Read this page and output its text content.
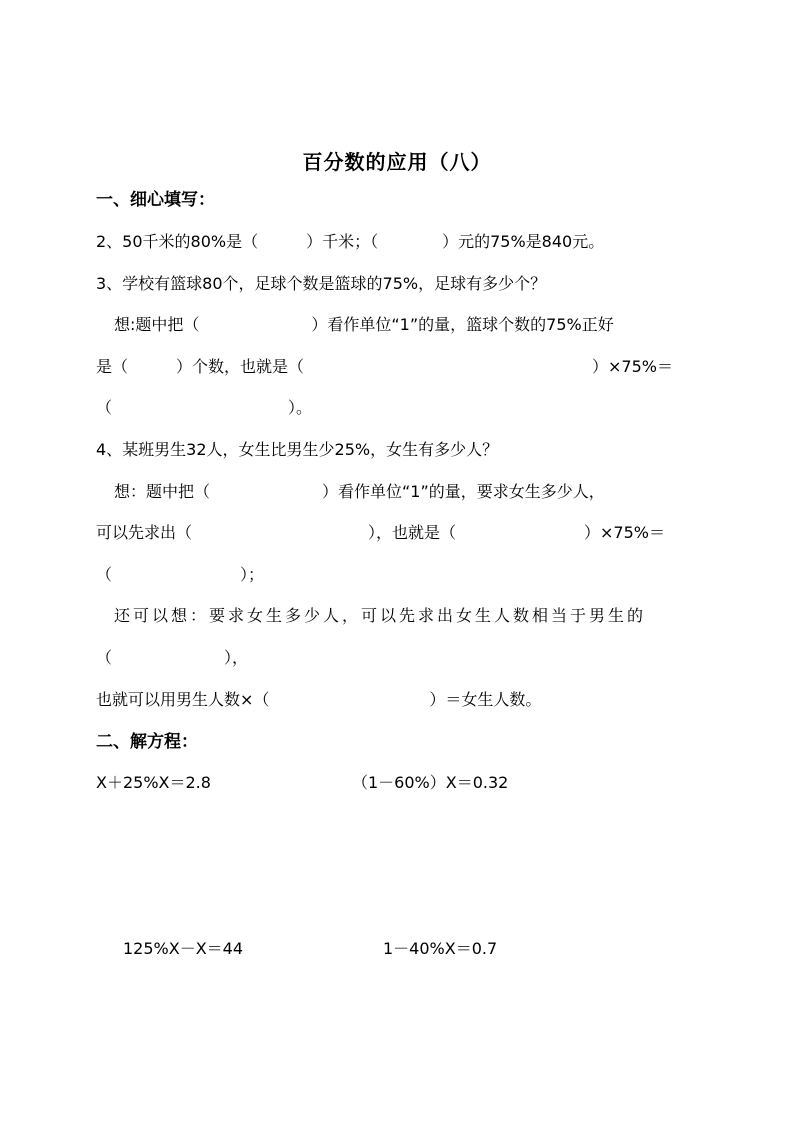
百分数的应用（八）
一、细心填写：
2、50千米的80%是（　　　）千米；（　　　　）元的75%是840元。
3、学校有篮球80个，足球个数是篮球的75%，足球有多少个？
想:题中把（　　　　　　　）看作单位“1”的量，篮球个数的75%正好
是（　　　）个数，也就是（　　　　　　　　　　　　　　　　　　）×75%＝
（　　　　　　　　　　　）。
4、某班男生32人，女生比男生少25%，女生有多少人？
想：题中把（　　　　　　　）看作单位“1”的量，要求女生多少人，
可以先求出（　　　　　　　　　　　），也就是（　　　　　　　　）×75%＝
（　　　　　　　　）；
还可以想：要求女生多少人，可以先求出女生人数相当于男生的
（　　　　　　　），
也就可以用男生人数×（　　　　　　　　　　）＝女生人数。
二、解方程：
X＋25%X＝2.8	（1－60%）X＝0.32
125%X－X＝44	1－40%X＝0.7
